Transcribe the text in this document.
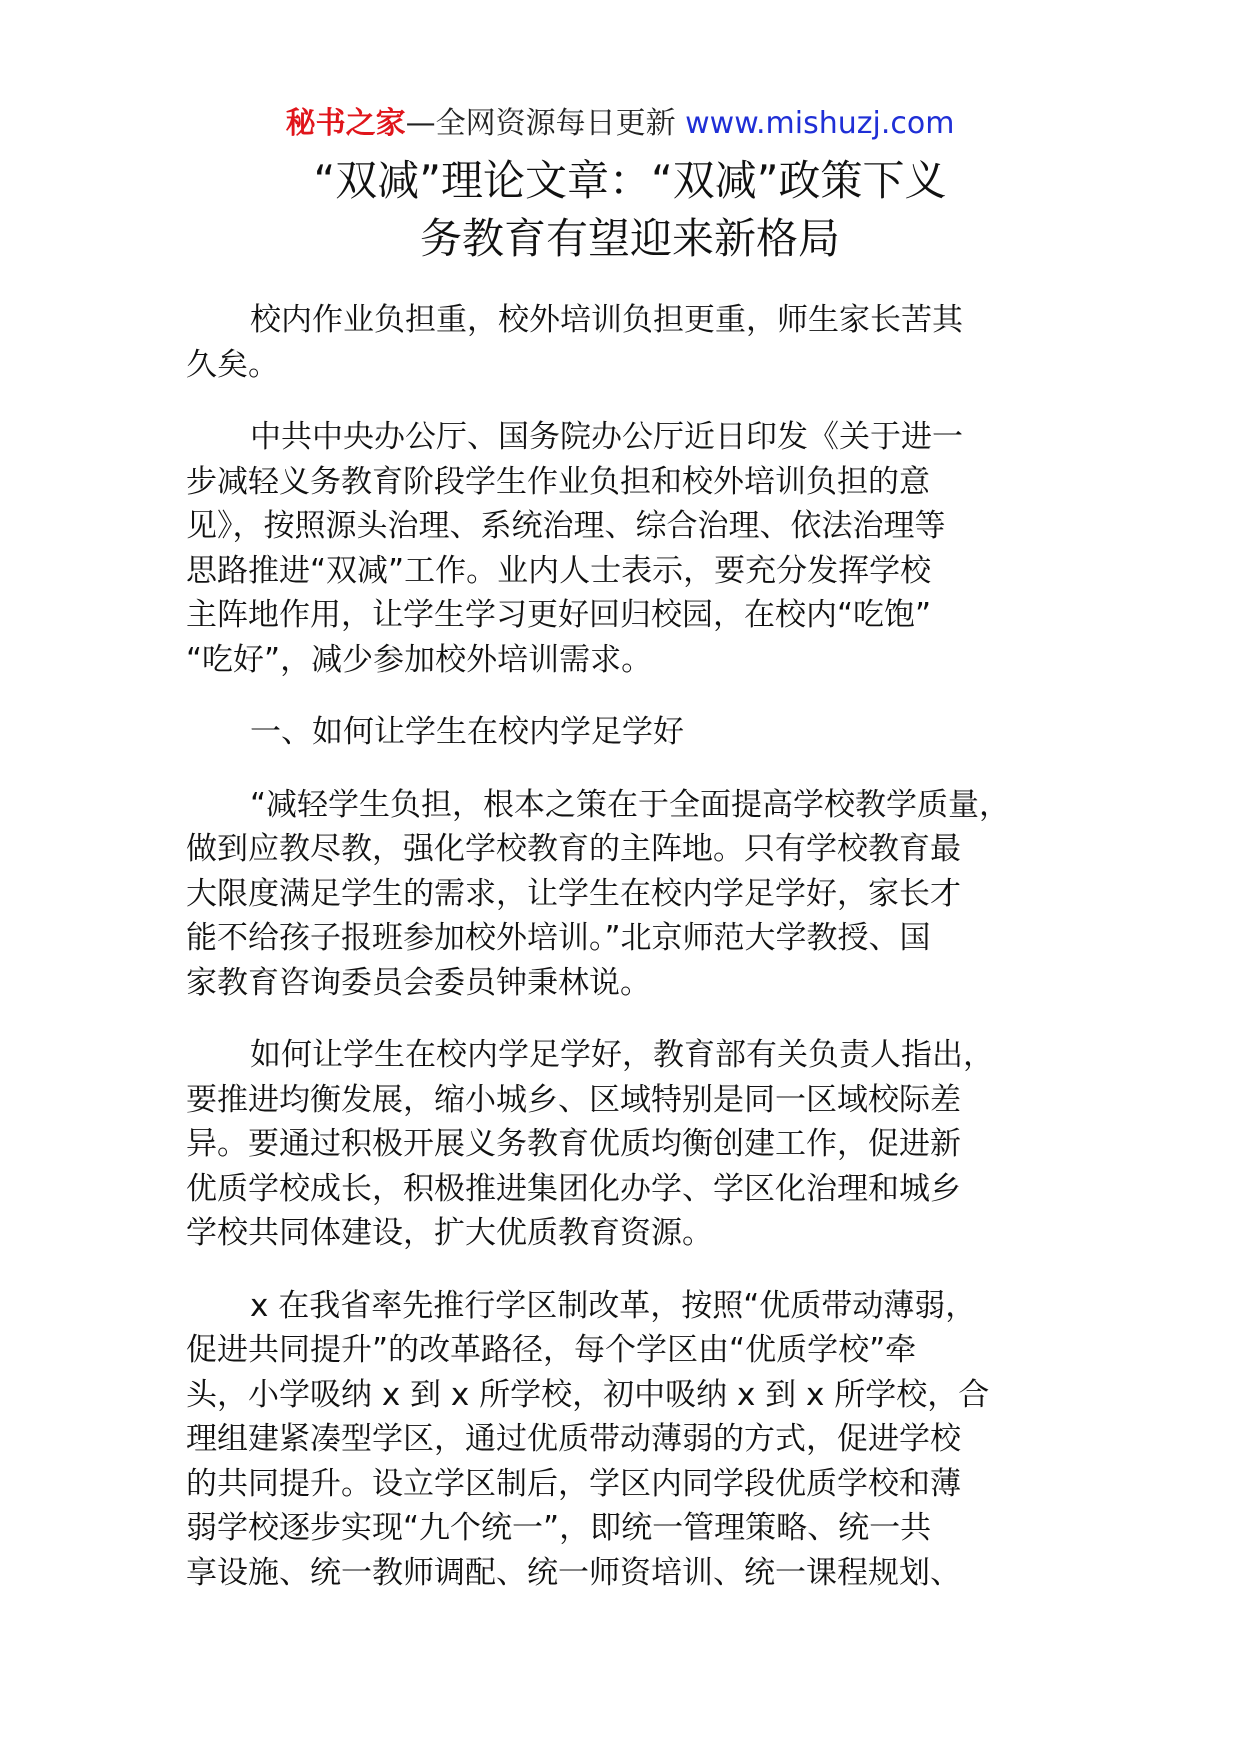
秘书之家—全网资源每日更新 www.mishuzj.com
“双减”理论文章：“双减”政策下义
务教育有望迎来新格局

校内作业负担重，校外培训负担更重，师生家长苦其
久矣。

中共中央办公厅、国务院办公厅近日印发《关于进一
步减轻义务教育阶段学生作业负担和校外培训负担的意
见》，按照源头治理、系统治理、综合治理、依法治理等
思路推进“双减”工作。业内人士表示，要充分发挥学校
主阵地作用，让学生学习更好回归校园，在校内“吃饱”
“吃好”，减少参加校外培训需求。

一、如何让学生在校内学足学好

“减轻学生负担，根本之策在于全面提高学校教学质量，
做到应教尽教，强化学校教育的主阵地。只有学校教育最
大限度满足学生的需求，让学生在校内学足学好，家长才
能不给孩子报班参加校外培训。”北京师范大学教授、国
家教育咨询委员会委员钟秉林说。

如何让学生在校内学足学好，教育部有关负责人指出，
要推进均衡发展，缩小城乡、区域特别是同一区域校际差
异。要通过积极开展义务教育优质均衡创建工作，促进新
优质学校成长，积极推进集团化办学、学区化治理和城乡
学校共同体建设，扩大优质教育资源。

x 在我省率先推行学区制改革，按照“优质带动薄弱，
促进共同提升”的改革路径，每个学区由“优质学校”牵
头，小学吸纳 x 到 x 所学校，初中吸纳 x 到 x 所学校，合
理组建紧凑型学区，通过优质带动薄弱的方式，促进学校
的共同提升。设立学区制后，学区内同学段优质学校和薄
弱学校逐步实现“九个统一”，即统一管理策略、统一共
享设施、统一教师调配、统一师资培训、统一课程规划、
